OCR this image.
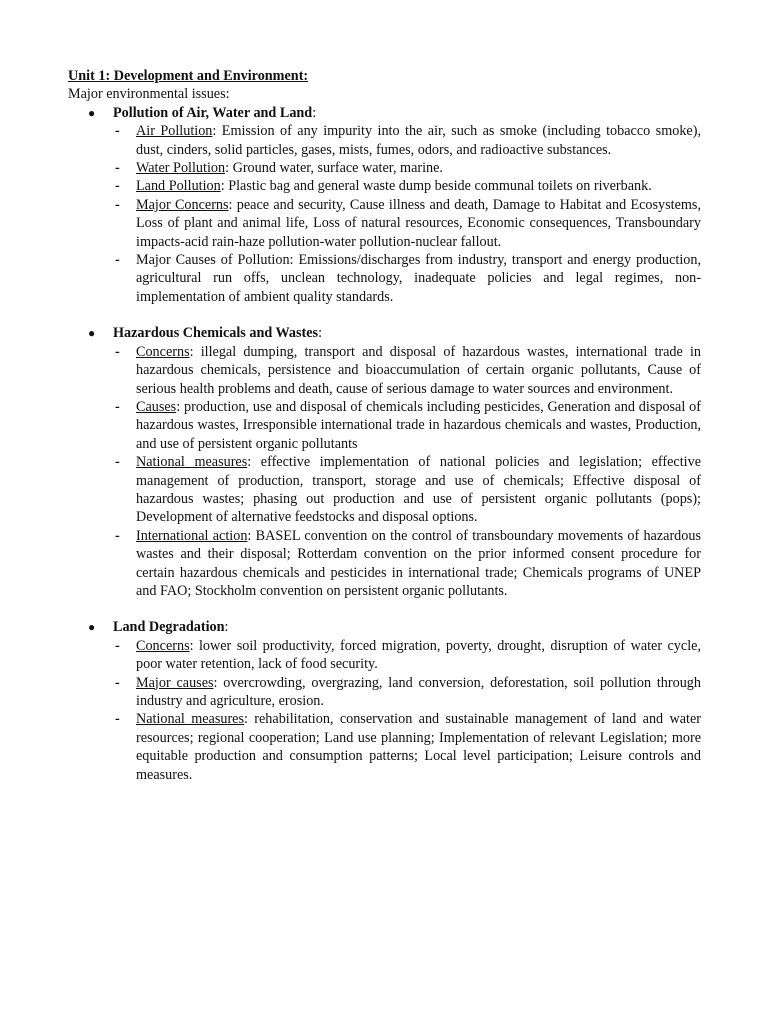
Unit 1: Development and Environment:
Major environmental issues:
● Pollution of Air, Water and Land:
- Air Pollution: Emission of any impurity into the air, such as smoke (including tobacco smoke), dust, cinders, solid particles, gases, mists, fumes, odors, and radioactive substances.
- Water Pollution: Ground water, surface water, marine.
- Land Pollution: Plastic bag and general waste dump beside communal toilets on riverbank.
- Major Concerns: peace and security, Cause illness and death, Damage to Habitat and Ecosystems, Loss of plant and animal life, Loss of natural resources, Economic consequences, Transboundary impacts-acid rain-haze pollution-water pollution-nuclear fallout.
- Major Causes of Pollution: Emissions/discharges from industry, transport and energy production, agricultural run offs, unclean technology, inadequate policies and legal regimes, non-implementation of ambient quality standards.
● Hazardous Chemicals and Wastes:
- Concerns: illegal dumping, transport and disposal of hazardous wastes, international trade in hazardous chemicals, persistence and bioaccumulation of certain organic pollutants, Cause of serious health problems and death, cause of serious damage to water sources and environment.
- Causes: production, use and disposal of chemicals including pesticides, Generation and disposal of hazardous wastes, Irresponsible international trade in hazardous chemicals and wastes, Production, and use of persistent organic pollutants
- National measures: effective implementation of national policies and legislation; effective management of production, transport, storage and use of chemicals; Effective disposal of hazardous wastes; phasing out production and use of persistent organic pollutants (pops); Development of alternative feedstocks and disposal options.
- International action: BASEL convention on the control of transboundary movements of hazardous wastes and their disposal; Rotterdam convention on the prior informed consent procedure for certain hazardous chemicals and pesticides in international trade; Chemicals programs of UNEP and FAO; Stockholm convention on persistent organic pollutants.
● Land Degradation:
- Concerns: lower soil productivity, forced migration, poverty, drought, disruption of water cycle, poor water retention, lack of food security.
- Major causes: overcrowding, overgrazing, land conversion, deforestation, soil pollution through industry and agriculture, erosion.
- National measures: rehabilitation, conservation and sustainable management of land and water resources; regional cooperation; Land use planning; Implementation of relevant Legislation; more equitable production and consumption patterns; Local level participation; Leisure controls and measures.
